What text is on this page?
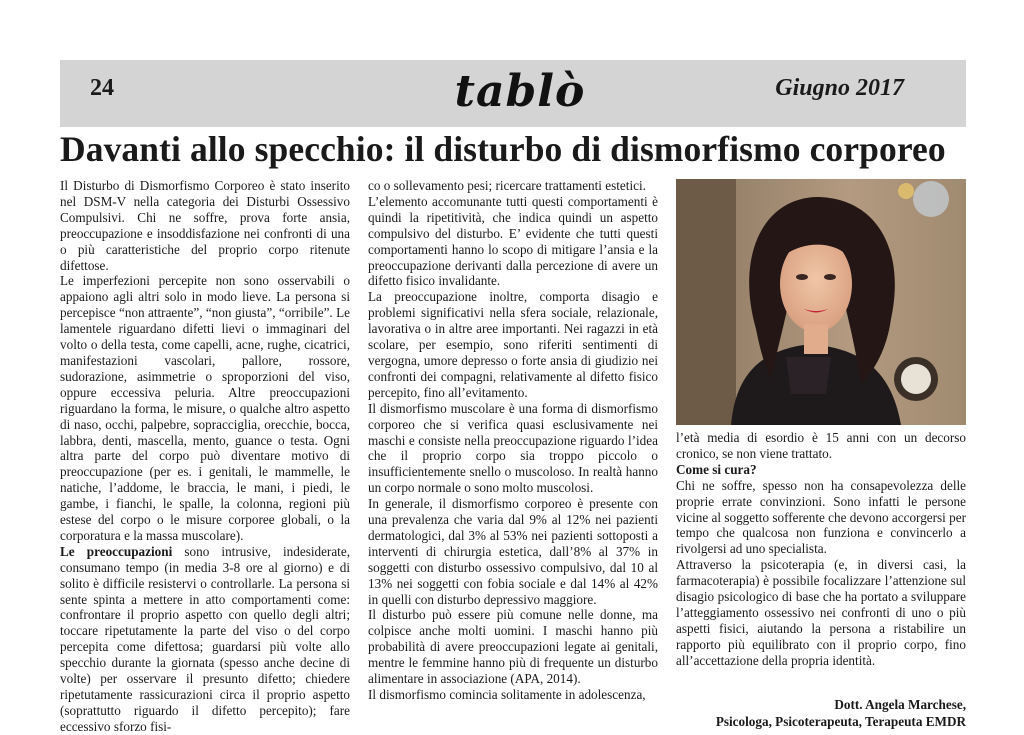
24	tablò	Giugno 2017
Davanti allo specchio: il disturbo di dismorfismo corporeo

Il Disturbo di Dismorfismo Corporeo è stato inserito nel DSM-V nella categoria dei Disturbi Ossessivo Compulsivi. Chi ne soffre, prova forte ansia, preoccupazione e insoddisfazione nei confronti di una o più caratteristiche del proprio corpo ritenute difettose.

Le imperfezioni percepite non sono osservabili o appaiono agli altri solo in modo lieve. La persona si percepisce “non attraente”, “non giusta”, “orribile”. Le lamentele riguardano difetti lievi o immaginari del volto o della testa, come capelli, acne, rughe, cicatrici, manifestazioni vascolari, pallore, rossore, sudorazione, asimmetrie o sproporzioni del viso, oppure eccessiva peluria. Altre preoccupazioni riguardano la forma, le misure, o qualche altro aspetto di naso, occhi, palpebre, sopracciglia, orecchie, bocca, labbra, denti, mascella, mento, guance o testa. Ogni altra parte del corpo può diventare motivo di preoccupazione (per es. i genitali, le mammelle, le natiche, l’addome, le braccia, le mani, i piedi, le gambe, i fianchi, le spalle, la colonna, regioni più estese del corpo o le misure corporee globali, o la corporatura e la massa muscolare).

Le preoccupazioni sono intrusive, indesiderate, consumano tempo (in media 3-8 ore al giorno) e di solito è difficile resistervi o controllarle. La persona si sente spinta a mettere in atto comportamenti come: confrontare il proprio aspetto con quello degli altri; toccare ripetutamente la parte del viso o del corpo percepita come difettosa; guardarsi più volte allo specchio durante la giornata (spesso anche decine di volte) per osservare il presunto difetto; chiedere ripetutamente rassicurazioni circa il proprio aspetto (soprattutto riguardo il difetto percepito); fare eccessivo sforzo fisi-

co o sollevamento pesi; ricercare trattamenti estetici.

L’elemento accomunante tutti questi comportamenti è quindi la ripetitività, che indica quindi un aspetto compulsivo del disturbo. E’ evidente che tutti questi comportamenti hanno lo scopo di mitigare l’ansia e la preoccupazione derivanti dalla percezione di avere un difetto fisico invalidante.

La preoccupazione inoltre, comporta disagio e problemi significativi nella sfera sociale, relazionale, lavorativa o in altre aree importanti. Nei ragazzi in età scolare, per esempio, sono riferiti sentimenti di vergogna, umore depresso o forte ansia di giudizio nei confronti dei compagni, relativamente al difetto fisico percepito, fino all’evitamento.

Il dismorfismo muscolare è una forma di dismorfismo corporeo che si verifica quasi esclusivamente nei maschi e consiste nella preoccupazione riguardo l’idea che il proprio corpo sia troppo piccolo o insufficientemente snello o muscoloso. In realtà hanno un corpo normale o sono molto muscolosi.

In generale, il dismorfismo corporeo è presente con una prevalenza che varia dal 9% al 12% nei pazienti dermatologici, dal 3% al 53% nei pazienti sottoposti a interventi di chirurgia estetica, dall’8% al 37% in soggetti con disturbo ossessivo compulsivo, dal 10 al 13% nei soggetti con fobia sociale e dal 14% al 42% in quelli con disturbo depressivo maggiore.

Il disturbo può essere più comune nelle donne, ma colpisce anche molti uomini. I maschi hanno più probabilità di avere preoccupazioni legate ai genitali, mentre le femmine hanno più di frequente un disturbo alimentare in associazione (APA, 2014).

Il dismorfismo comincia solitamente in adolescenza,

l’età media di esordio è 15 anni con un decorso cronico, se non viene trattato.

Come si cura?

Chi ne soffre, spesso non ha consapevolezza delle proprie errate convinzioni. Sono infatti le persone vicine al soggetto sofferente che devono accorgersi per tempo che qualcosa non funziona e convincerlo a rivolgersi ad uno specialista.

Attraverso la psicoterapia (e, in diversi casi, la farmacoterapia) è possibile focalizzare l’attenzione sul disagio psicologico di base che ha portato a sviluppare l’atteggiamento ossessivo nei confronti di uno o più aspetti fisici, aiutando la persona a ristabilire un rapporto più equilibrato con il proprio corpo, fino all’accettazione della propria identità.

Dott. Angela Marchese,
Psicologa, Psicoterapeuta, Terapeuta EMDR
